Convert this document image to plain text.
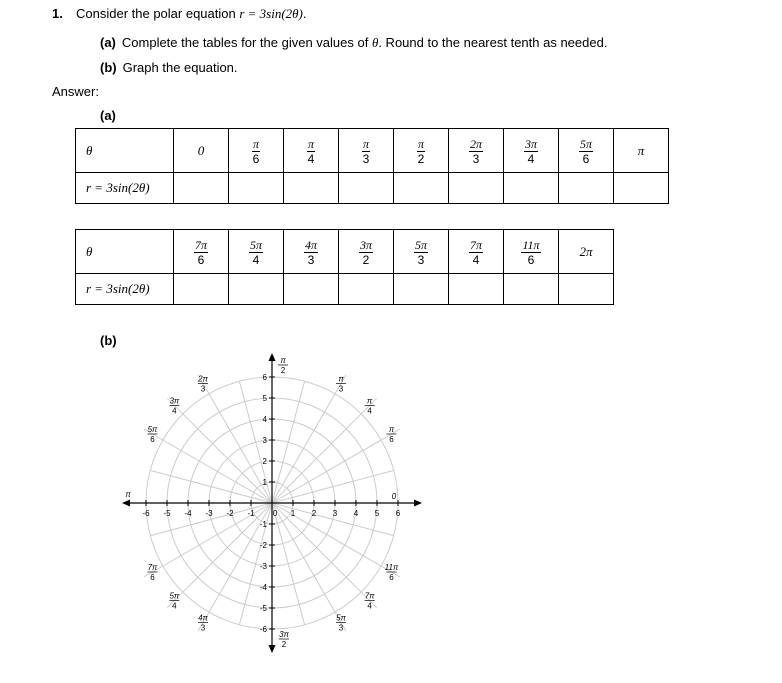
1. Consider the polar equation r = 3sin(2θ).
(a) Complete the tables for the given values of θ. Round to the nearest tenth as needed.
(b) Graph the equation.
Answer:
(a)
θ	0	$\frac{\pi}{6}$	$\frac{\pi}{4}$	$\frac{\pi}{3}$	$\frac{\pi}{2}$	$\frac{2\pi}{3}$	$\frac{3\pi}{4}$	$\frac{5\pi}{6}$	π
r = 3sin(2θ)									
θ	$\frac{7\pi}{6}$	$\frac{5\pi}{4}$	$\frac{4\pi}{3}$	$\frac{3\pi}{2}$	$\frac{5\pi}{3}$	$\frac{7\pi}{4}$	$\frac{11\pi}{6}$	2π
r = 3sin(2θ)								
(b)
-6 -5 -4 -3 -2 -1 0 1 2 3 4 5 6
1
2
3
4
5
6
-1
-2
-3
-4
-5
-6
π
2
π
3
π
4
π
6
0
2π
3
3π
4
5π
6
π
7π
6
5π
4
4π
3
3π
2
5π
3
7π
4
11π
6
